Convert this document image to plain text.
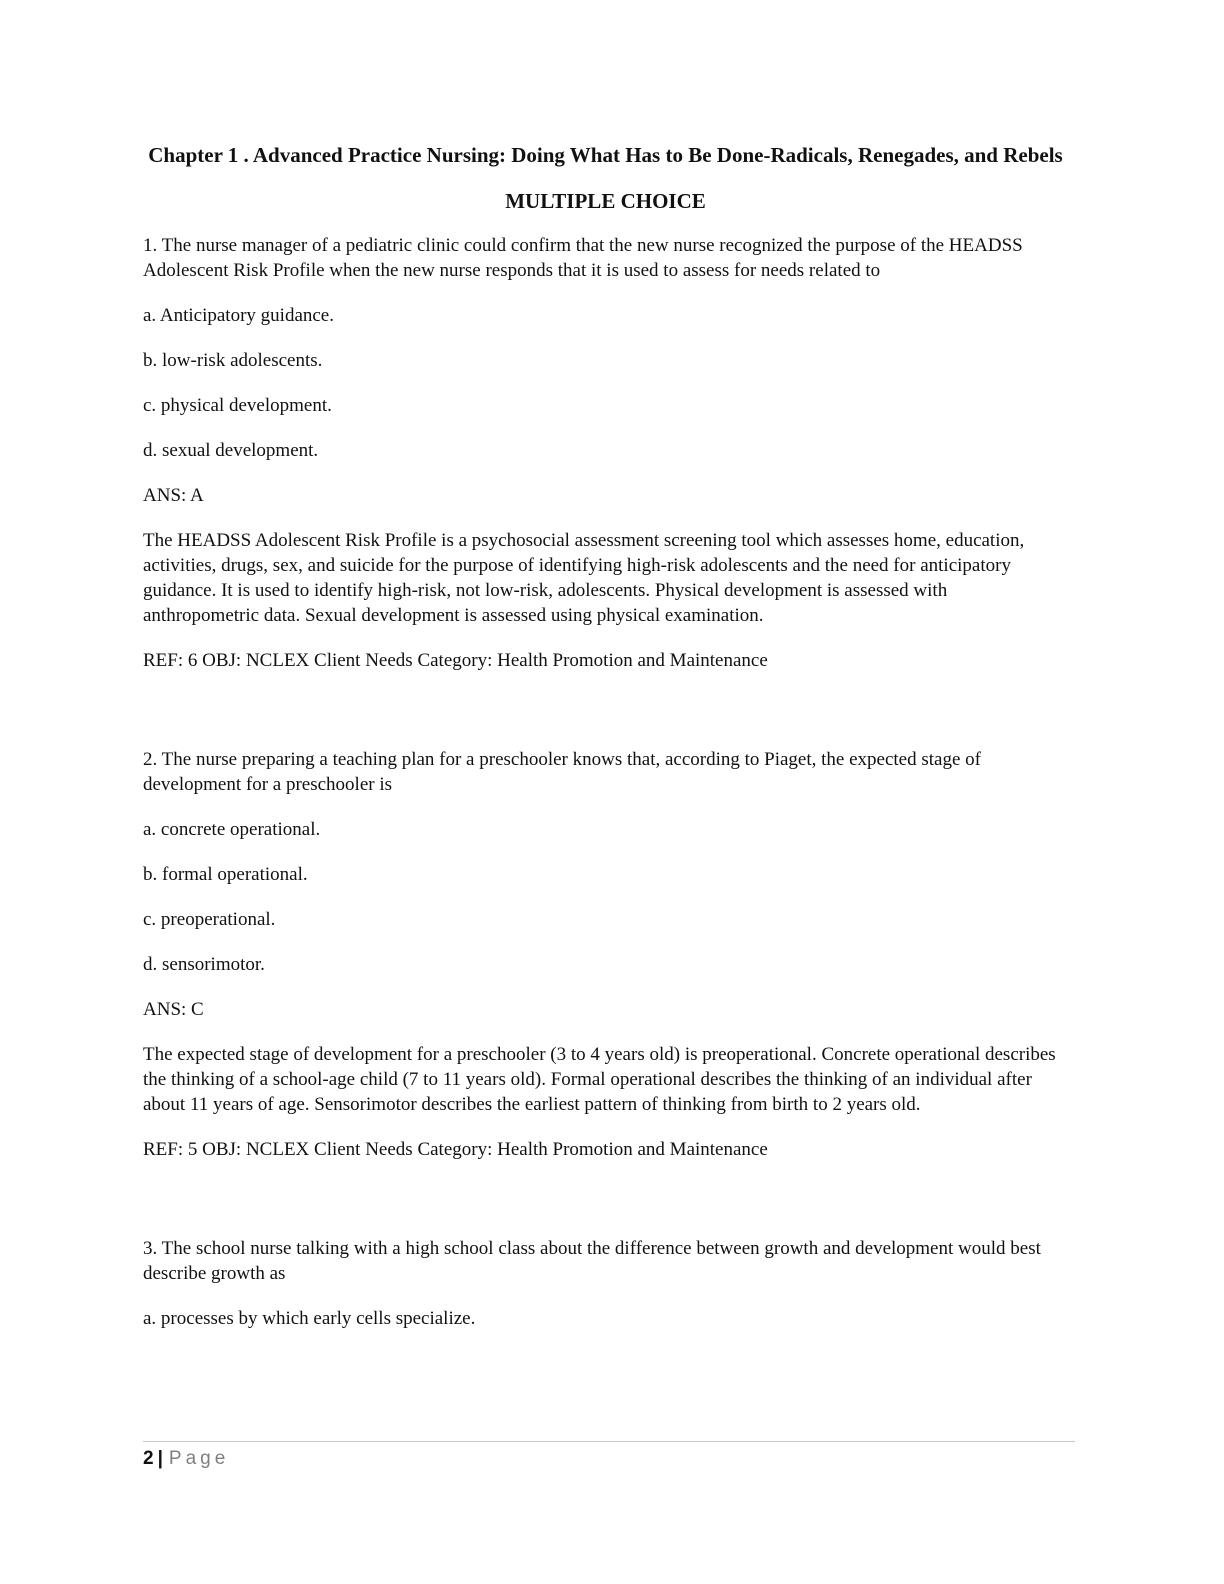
Chapter 1 . Advanced Practice Nursing: Doing What Has to Be Done-Radicals, Renegades, and Rebels
MULTIPLE CHOICE

1. The nurse manager of a pediatric clinic could confirm that the new nurse recognized the purpose of the HEADSS Adolescent Risk Profile when the new nurse responds that it is used to assess for needs related to

a. Anticipatory guidance.

b. low-risk adolescents.

c. physical development.

d. sexual development.

ANS: A

The HEADSS Adolescent Risk Profile is a psychosocial assessment screening tool which assesses home, education, activities, drugs, sex, and suicide for the purpose of identifying high-risk adolescents and the need for anticipatory guidance. It is used to identify high-risk, not low-risk, adolescents. Physical development is assessed with anthropometric data. Sexual development is assessed using physical examination.

REF: 6 OBJ: NCLEX Client Needs Category: Health Promotion and Maintenance

2. The nurse preparing a teaching plan for a preschooler knows that, according to Piaget, the expected stage of development for a preschooler is

a. concrete operational.

b. formal operational.

c. preoperational.

d. sensorimotor.

ANS: C

The expected stage of development for a preschooler (3 to 4 years old) is preoperational. Concrete operational describes the thinking of a school-age child (7 to 11 years old). Formal operational describes the thinking of an individual after about 11 years of age. Sensorimotor describes the earliest pattern of thinking from birth to 2 years old.

REF: 5 OBJ: NCLEX Client Needs Category: Health Promotion and Maintenance

3. The school nurse talking with a high school class about the difference between growth and development would best describe growth as

a. processes by which early cells specialize.

2 | Page
